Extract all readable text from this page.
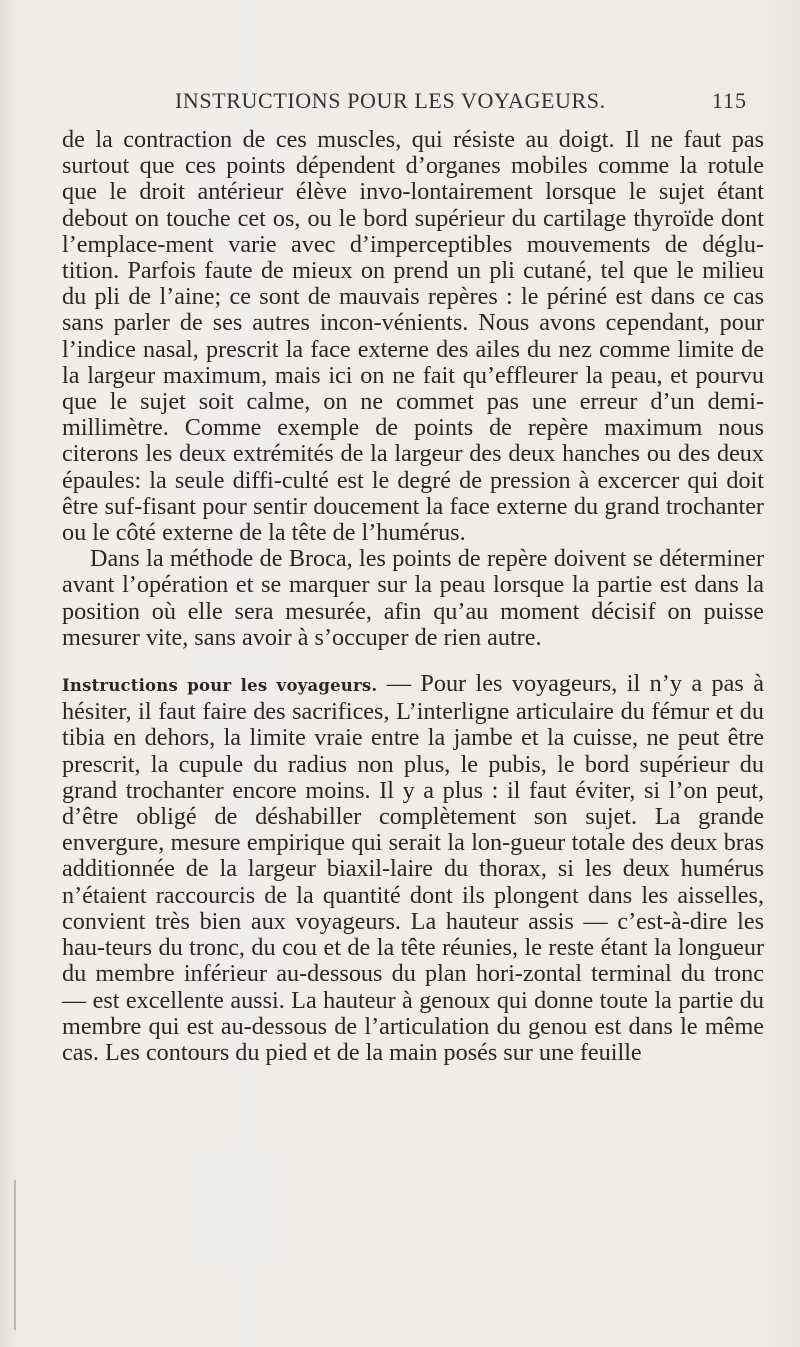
INSTRUCTIONS POUR LES VOYAGEURS.	115

de la contraction de ces muscles, qui résiste au doigt. Il ne faut pas surtout que ces points dépendent d’organes mobiles comme la rotule que le droit antérieur élève invo-lontairement lorsque le sujet étant debout on touche cet os, ou le bord supérieur du cartilage thyroïde dont l’emplace-ment varie avec d’imperceptibles mouvements de déglu-tition. Parfois faute de mieux on prend un pli cutané, tel que le milieu du pli de l’aine; ce sont de mauvais repères : le périné est dans ce cas sans parler de ses autres incon-vénients. Nous avons cependant, pour l’indice nasal, prescrit la face externe des ailes du nez comme limite de la largeur maximum, mais ici on ne fait qu’effleurer la peau, et pourvu que le sujet soit calme, on ne commet pas une erreur d’un demi-millimètre. Comme exemple de points de repère maximum nous citerons les deux extrémités de la largeur des deux hanches ou des deux épaules: la seule diffi-culté est le degré de pression à excercer qui doit être suf-fisant pour sentir doucement la face externe du grand trochanter ou le côté externe de la tête de l’humérus.

Dans la méthode de Broca, les points de repère doivent se déterminer avant l’opération et se marquer sur la peau lorsque la partie est dans la position où elle sera mesurée, afin qu’au moment décisif on puisse mesurer vite, sans avoir à s’occuper de rien autre.

Instructions pour les voyageurs. — Pour les voyageurs, il n’y a pas à hésiter, il faut faire des sacrifices, L’interligne articulaire du fémur et du tibia en dehors, la limite vraie entre la jambe et la cuisse, ne peut être prescrit, la cupule du radius non plus, le pubis, le bord supérieur du grand trochanter encore moins. Il y a plus : il faut éviter, si l’on peut, d’être obligé de déshabiller complètement son sujet. La grande envergure, mesure empirique qui serait la lon-gueur totale des deux bras additionnée de la largeur biaxil-laire du thorax, si les deux humérus n’étaient raccourcis de la quantité dont ils plongent dans les aisselles, convient très bien aux voyageurs. La hauteur assis — c’est-à-dire les hau-teurs du tronc, du cou et de la tête réunies, le reste étant la longueur du membre inférieur au-dessous du plan hori-zontal terminal du tronc — est excellente aussi. La hauteur à genoux qui donne toute la partie du membre qui est au-dessous de l’articulation du genou est dans le même cas. Les contours du pied et de la main posés sur une feuille
